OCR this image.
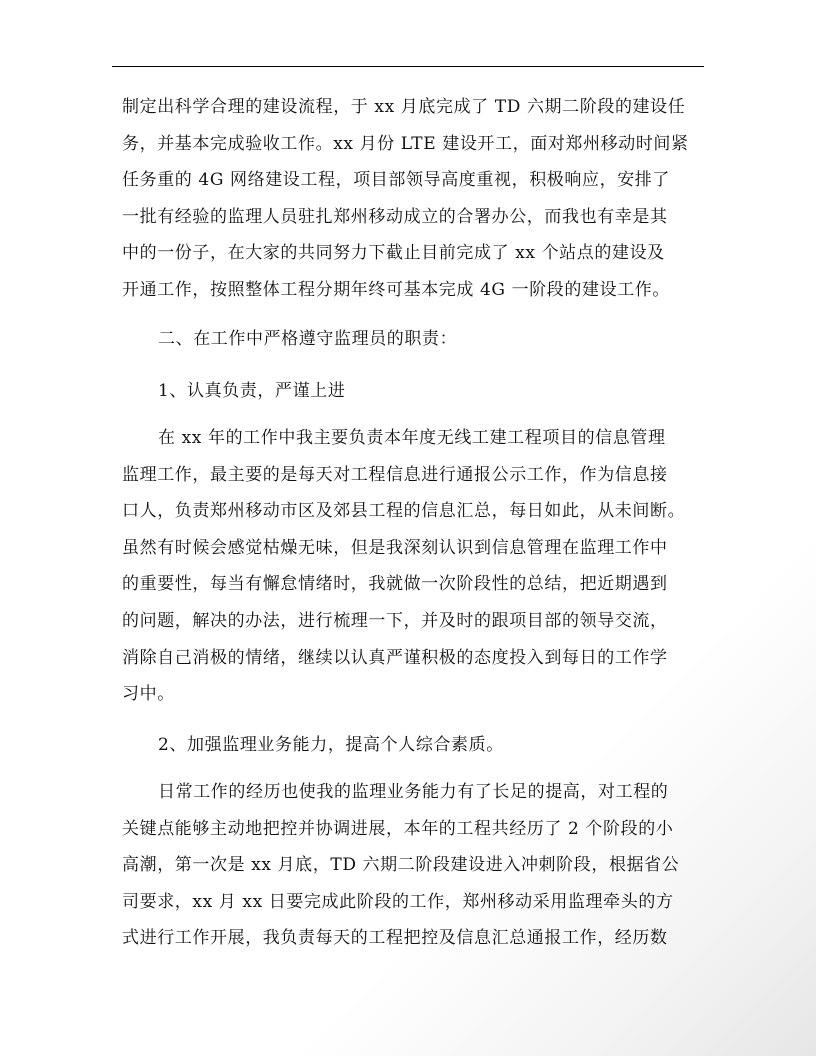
制定出科学合理的建设流程，于 xx 月底完成了 TD 六期二阶段的建设任
务，并基本完成验收工作。xx 月份 LTE 建设开工，面对郑州移动时间紧
任务重的 4G 网络建设工程，项目部领导高度重视，积极响应，安排了
一批有经验的监理人员驻扎郑州移动成立的合署办公，而我也有幸是其
中的一份子，在大家的共同努力下截止目前完成了 xx 个站点的建设及
开通工作，按照整体工程分期年终可基本完成 4G 一阶段的建设工作。
二、在工作中严格遵守监理员的职责：
1、认真负责，严谨上进
在 xx 年的工作中我主要负责本年度无线工建工程项目的信息管理
监理工作，最主要的是每天对工程信息进行通报公示工作，作为信息接
口人，负责郑州移动市区及郊县工程的信息汇总，每日如此，从未间断。
虽然有时候会感觉枯燥无味，但是我深刻认识到信息管理在监理工作中
的重要性，每当有懈怠情绪时，我就做一次阶段性的总结，把近期遇到
的问题，解决的办法，进行梳理一下，并及时的跟项目部的领导交流，
消除自己消极的情绪，继续以认真严谨积极的态度投入到每日的工作学
习中。
2、加强监理业务能力，提高个人综合素质。
日常工作的经历也使我的监理业务能力有了长足的提高，对工程的
关键点能够主动地把控并协调进展，本年的工程共经历了 2 个阶段的小
高潮，第一次是 xx 月底，TD 六期二阶段建设进入冲刺阶段，根据省公
司要求，xx 月 xx 日要完成此阶段的工作，郑州移动采用监理牵头的方
式进行工作开展，我负责每天的工程把控及信息汇总通报工作，经历数
